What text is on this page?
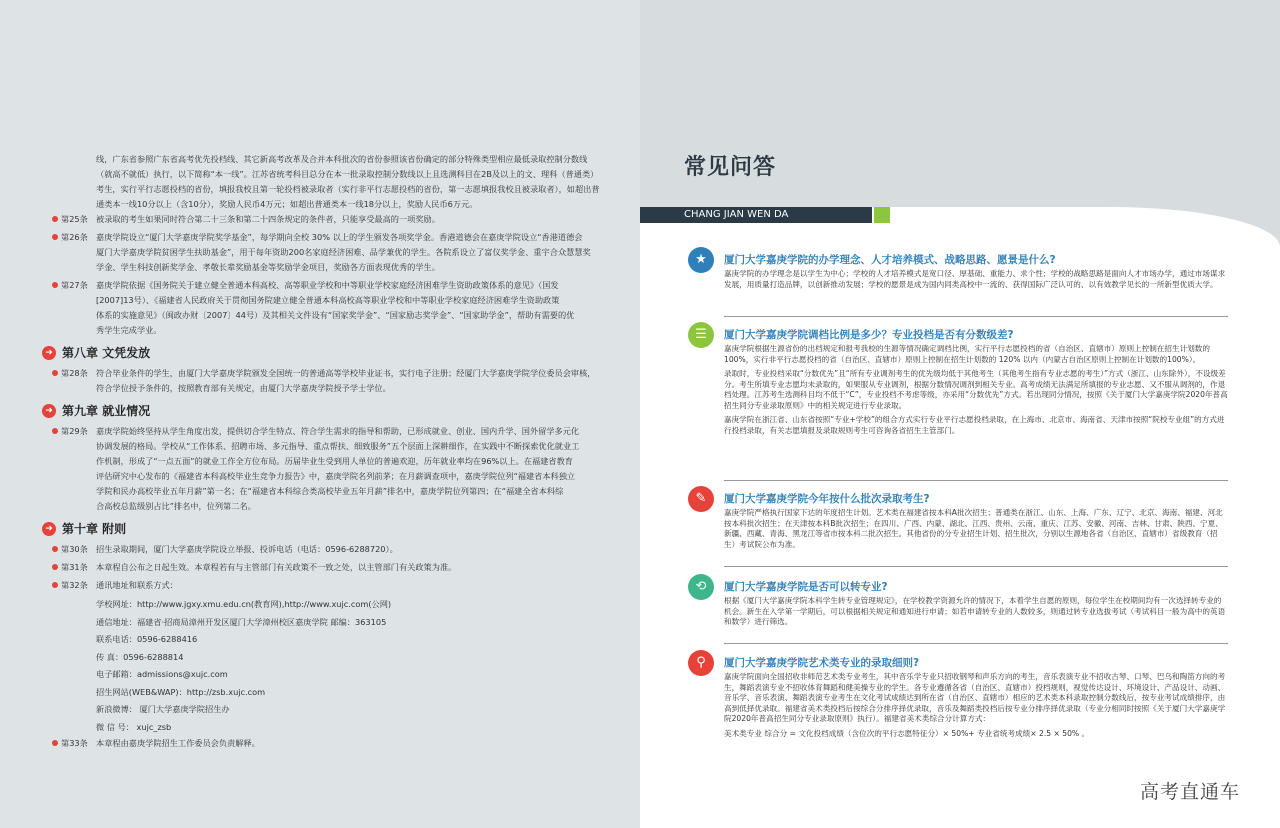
线，广东省参照广东省高考优先投档线、其它新高考改革及合并本科批次的省份参照该省份确定的部分特殊类型相应最低录取控制分数线
（就高不就低）执行，以下简称“本一线”。江苏省统考科目总分在本一批录取控制分数线以上且选测科目在2B及以上的文、理科（普通类）
考生，实行平行志愿投档的省份，填报我校且第一轮投档被录取者（实行非平行志愿投档的省份，第一志愿填报我校且被录取者），如超出普
通类本一线10分以上（含10分），奖励人民币4万元；如超出普通类本一线18分以上，奖励人民币6万元。
第25条 被录取的考生如果同时符合第二十三条和第二十四条规定的条件者，只能享受最高的一项奖励。
第26条 嘉庚学院设立“厦门大学嘉庚学院奖学基金”，每学期向全校 30% 以上的学生颁发各项奖学金。香港道德会在嘉庚学院设立“香港道德会
厦门大学嘉庚学院贫困学生扶助基金”，用于每年资助200名家庭经济困难、品学兼优的学生。各院系设立了富仪奖学金、重宇合众慧慧奖
学金、学生科技创新奖学金、孝敬长辈奖励基金等奖励学金项目，奖励各方面表现优秀的学生。
第27条 嘉庚学院依据《国务院关于建立健全普通本科高校、高等职业学校和中等职业学校家庭经济困难学生资助政策体系的意见》（国发
[2007]13号）、《福建省人民政府关于贯彻国务院建立健全普通本科高校高等职业学校和中等职业学校家庭经济困难学生资助政策
体系的实施意见》（闽政办财〔2007〕44号）及其相关文件设有“国家奖学金”、“国家励志奖学金”、“国家助学金”，帮助有需要的优
秀学生完成学业。
➜ 第八章 文凭发放
第28条 符合毕业条件的学生，由厦门大学嘉庚学院颁发全国统一的普通高等学校毕业证书，实行电子注册；经厦门大学嘉庚学院学位委员会审核，
符合学位授予条件的，按照教育部有关规定，由厦门大学嘉庚学院授予学士学位。
➜ 第九章 就业情况
第29条 嘉庚学院始终坚持从学生角度出发，提供切合学生特点、符合学生需求的指导和帮助，已形成就业、创业、国内升学、国外留学多元化
协调发展的格局。学校从“工作体系、招聘市场、多元指导、重点帮扶、细致服务”五个层面上深耕细作，在实践中不断探索优化就业工
作机制，形成了“一点五面”的就业工作全方位布局。历届毕业生受到用人单位的普遍欢迎，历年就业率均在96%以上。在福建省教育
评估研究中心发布的《福建省本科高校毕业生竞争力报告》中，嘉庚学院名列前茅；在月薪调查项中，嘉庚学院位列“福建省本科独立
学院和民办高校毕业五年月薪”第一名；在“福建省本科综合类高校毕业五年月薪”排名中，嘉庚学院位列第四；在“福建全省本科综
合高校总监级别占比”排名中，位列第二名。
➜ 第十章 附则
第30条 招生录取期间，厦门大学嘉庚学院设立举报、投诉电话（电话：0596-6288720）。
第31条 本章程自公布之日起生效。本章程若有与主管部门有关政策不一致之处，以主管部门有关政策为准。
第32条 通讯地址和联系方式：
学校网址：http://www.jgxy.xmu.edu.cn(教育网),http://www.xujc.com(公网)
通信地址：福建省·招商局漳州开发区厦门大学漳州校区嘉庚学院 邮编：363105
联系电话：0596-6288416
传 真：0596-6288814
电子邮箱：admissions@xujc.com
招生网站(WEB&WAP)：http://zsb.xujc.com
新浪微博： 厦门大学嘉庚学院招生办
微 信 号： xujc_zsb
第33条 本章程由嘉庚学院招生工作委员会负责解释。
常见问答
CHANG JIAN WEN DA
★	厦门大学嘉庚学院的办学理念、人才培养模式、战略思路、愿景是什么?

嘉庚学院的办学理念是以学生为中心；学校的人才培养模式是宽口径、厚基础、重能力、求个性；学校的战略思路是面向人才市场办学，通过市场谋求发展，用质量打造品牌，以创新推动发展；学校的愿景是成为国内同类高校中一流的、获得国际广泛认可的、以有效教学见长的一所新型优质大学。

☰	厦门大学嘉庚学院调档比例是多少？专业投档是否有分数级差?

嘉庚学院根据生源省份的出档规定和报考我校的生源等情况确定调档比例，实行平行志愿投档的省（自治区、直辖市）原则上控制在招生计划数的100%，实行非平行志愿投档的省（自治区、直辖市）原则上控制在招生计划数的 120% 以内（内蒙古自治区原则上控制在计划数的100%）。

录取时，专业投档采取“分数优先”且“所有专业调剂考生的优先级均低于其他考生（其他考生指有专业志愿的考生）”方式（浙江、山东除外），不设级差分。考生所填专业志愿均未录取的，如果服从专业调剂，根据分数情况调剂到相关专业。高考成绩无法满足所填报的专业志愿、又不服从调剂的，作退档处理。江苏考生选测科目均不低于“C”，专业投档不考虑等级，亦采用“分数优先”方式。若出现同分情况，按照《关于厦门大学嘉庚学院2020年普高招生同分专业录取原则》中的相关规定进行专业录取。

嘉庚学院在浙江省、山东省按照“专业+学校”的组合方式实行专业平行志愿投档录取，在上海市、北京市、海南省、天津市按照“院校专业组”的方式进行投档录取，有关志愿填报及录取规则考生可咨询各省招生主管部门。

✎	厦门大学嘉庚学院今年按什么批次录取考生?

嘉庚学院严格执行国家下达的年度招生计划。艺术类在福建省按本科A批次招生；普通类在浙江、山东、上海、广东、辽宁、北京、海南、福建、河北按本科批次招生；在天津按本科B批次招生；在四川、广西、内蒙、湖北、江西、贵州、云南、重庆、江苏、安徽、河南、吉林、甘肃、陕西、宁夏、新疆、西藏、青海、黑龙江等省市按本科二批次招生。其他省份的分专业招生计划、招生批次，分别以生源地各省（自治区、直辖市）省级教育（招生）考试院公布为准。

⟲	厦门大学嘉庚学院是否可以转专业?

根据《厦门大学嘉庚学院本科学生转专业管理规定》，在学校教学资源允许的情况下，本着学生自愿的原则，每位学生在校期间均有一次选择转专业的机会。新生在入学第一学期后，可以根据相关规定和通知进行申请；如若申请转专业的人数较多，则通过转专业选拔考试（考试科目一般为高中的英语和数学）进行筛选。

⚲	厦门大学嘉庚学院艺术类专业的录取细则?

嘉庚学院面向全国招收非师范艺术类专业考生，其中音乐学专业只招收钢琴和声乐方向的考生，音乐表演专业不招收古琴、口琴、巴乌和陶笛方向的考生，舞蹈表演专业不招收体育舞蹈和健美操专业的学生。各专业遵循各省（自治区、直辖市）投档规则，视觉传达设计、环境设计、产品设计、动画、音乐学、音乐表演、舞蹈表演专业考生在文化考试成绩达到所在省（自治区、直辖市）相应的艺术类本科录取控制分数线后，按专业考试成绩排序，由高到低择优录取。福建省美术类投档后按综合分排序择优录取，音乐及舞蹈类投档后按专业分排序择优录取（专业分相同时按照《关于厦门大学嘉庚学院2020年普高招生同分专业录取原则》执行）。福建省美术类综合分计算方式：

美术类专业 综合分 = 文化投档成绩（含位次的平行志愿特征分）× 50%+ 专业省统考成绩× 2.5 × 50% 。

高考直通车
